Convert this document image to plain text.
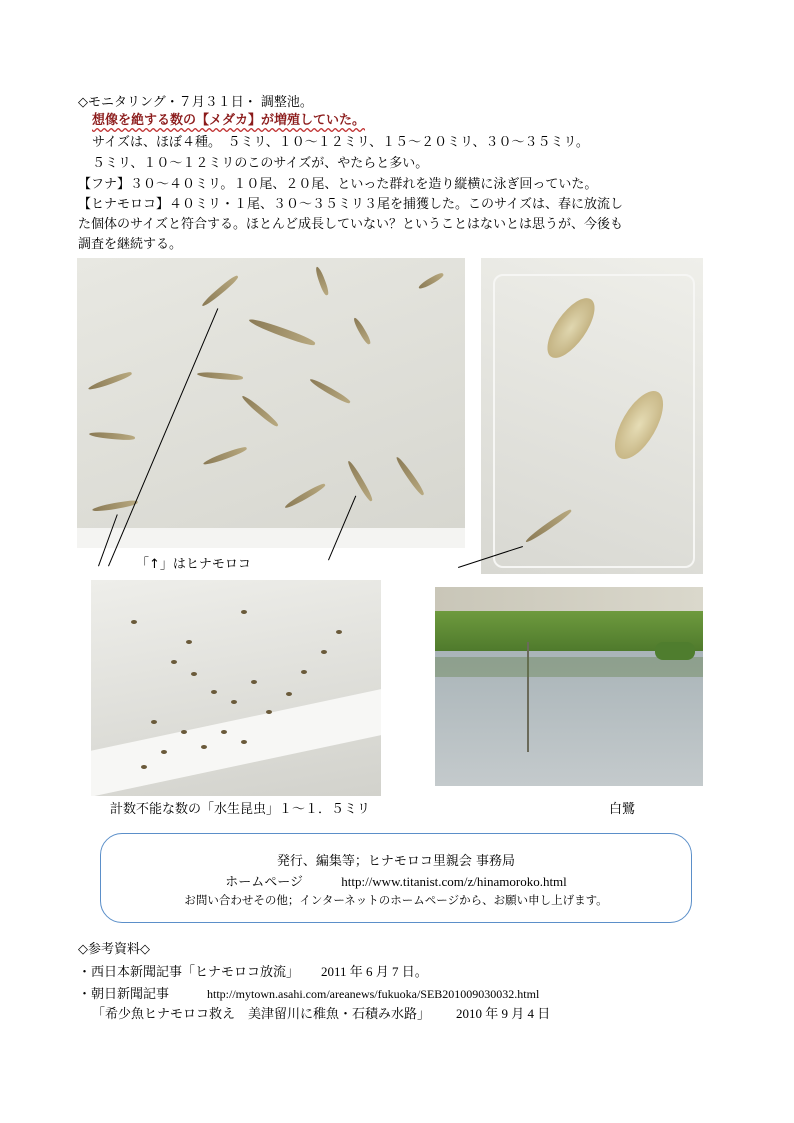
◇モニタリング・７月３１日・ 調整池。
想像を絶する数の【メダカ】が増殖していた。
サイズは、ほぼ４種。　５ミリ、１０～１２ミリ、１５～２０ミリ、３０～３５ミリ。
５ミリ、１０～１２ミリのこのサイズが、やたらと多い。
【フナ】３０～４０ミリ。１０尾、２０尾、といった群れを造り縦横に泳ぎ回っていた。
【ヒナモロコ】４０ミリ・１尾、３０～３５ミリ３尾を捕獲した。このサイズは、春に放流し
た個体のサイズと符合する。ほとんど成長していない？ということはないとは思うが、今後も
調査を継続する。
「↑」はヒナモロコ
計数不能な数の「水生昆虫」１～１．５ミリ	白鷺
発行、編集等；ヒナモロコ里親会 事務局
ホームページ	http://www.titanist.com/z/hinamoroko.html
お問い合わせその他；インターネットのホームページから、お願い申し上げます。
◇参考資料◇
・西日本新聞記事「ヒナモロコ放流」 2011 年 6 月 7 日。
・朝日新聞記事	http://mytown.asahi.com/areanews/fukuoka/SEB201009030032.html
「希少魚ヒナモロコ救え　美津留川に稚魚・石積み水路」 2010 年 9 月 4 日
